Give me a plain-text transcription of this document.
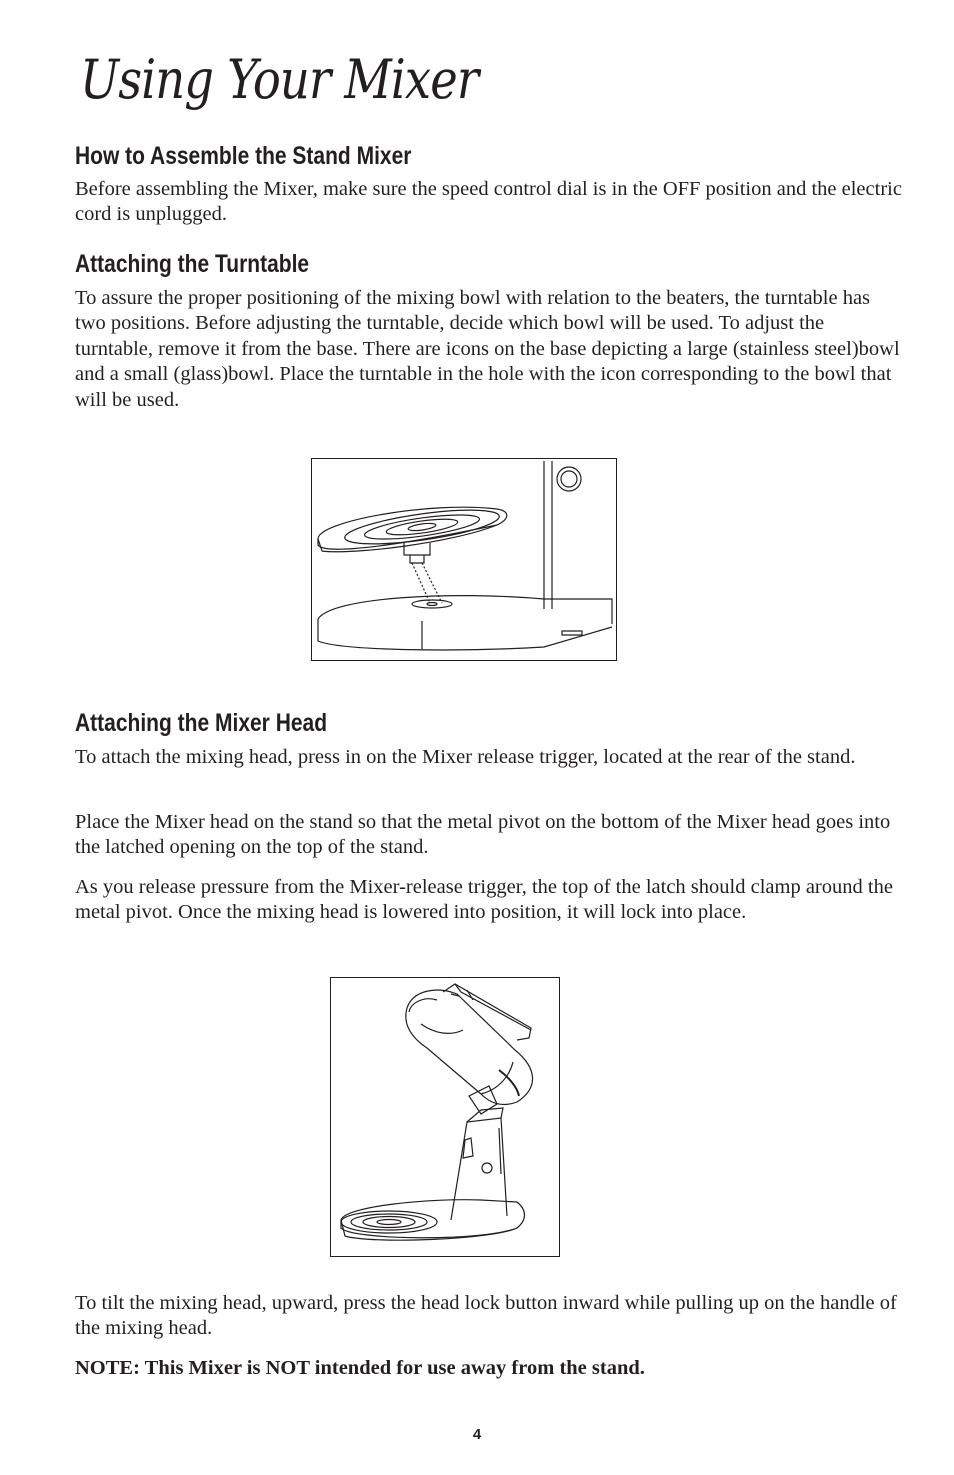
Using Your Mixer
How to Assemble the Stand Mixer

Before assembling the Mixer, make sure the speed control dial is in the OFF position and the electric cord is unplugged.

Attaching the Turntable

To assure the proper positioning of the mixing bowl with relation to the beaters, the turntable has two positions. Before adjusting the turntable, decide which bowl will be used. To adjust the turntable, remove it from the base. There are icons on the base depicting a large (stainless steel)bowl and a small (glass)bowl. Place the turntable in the hole with the icon corresponding to the bowl that will be used.

Attaching the Mixer Head

To attach the mixing head, press in on the Mixer release trigger, located at the rear of the stand.

Place the Mixer head on the stand so that the metal pivot on the bottom of the Mixer head goes into the latched opening on the top of the stand.

As you release pressure from the Mixer-release trigger, the top of the latch should clamp around the metal pivot. Once the mixing head is lowered into position, it will lock into place.

To tilt the mixing head, upward, press the head lock button inward while pulling up on the handle of the mixing head.

NOTE: This Mixer is NOT intended for use away from the stand.

4
